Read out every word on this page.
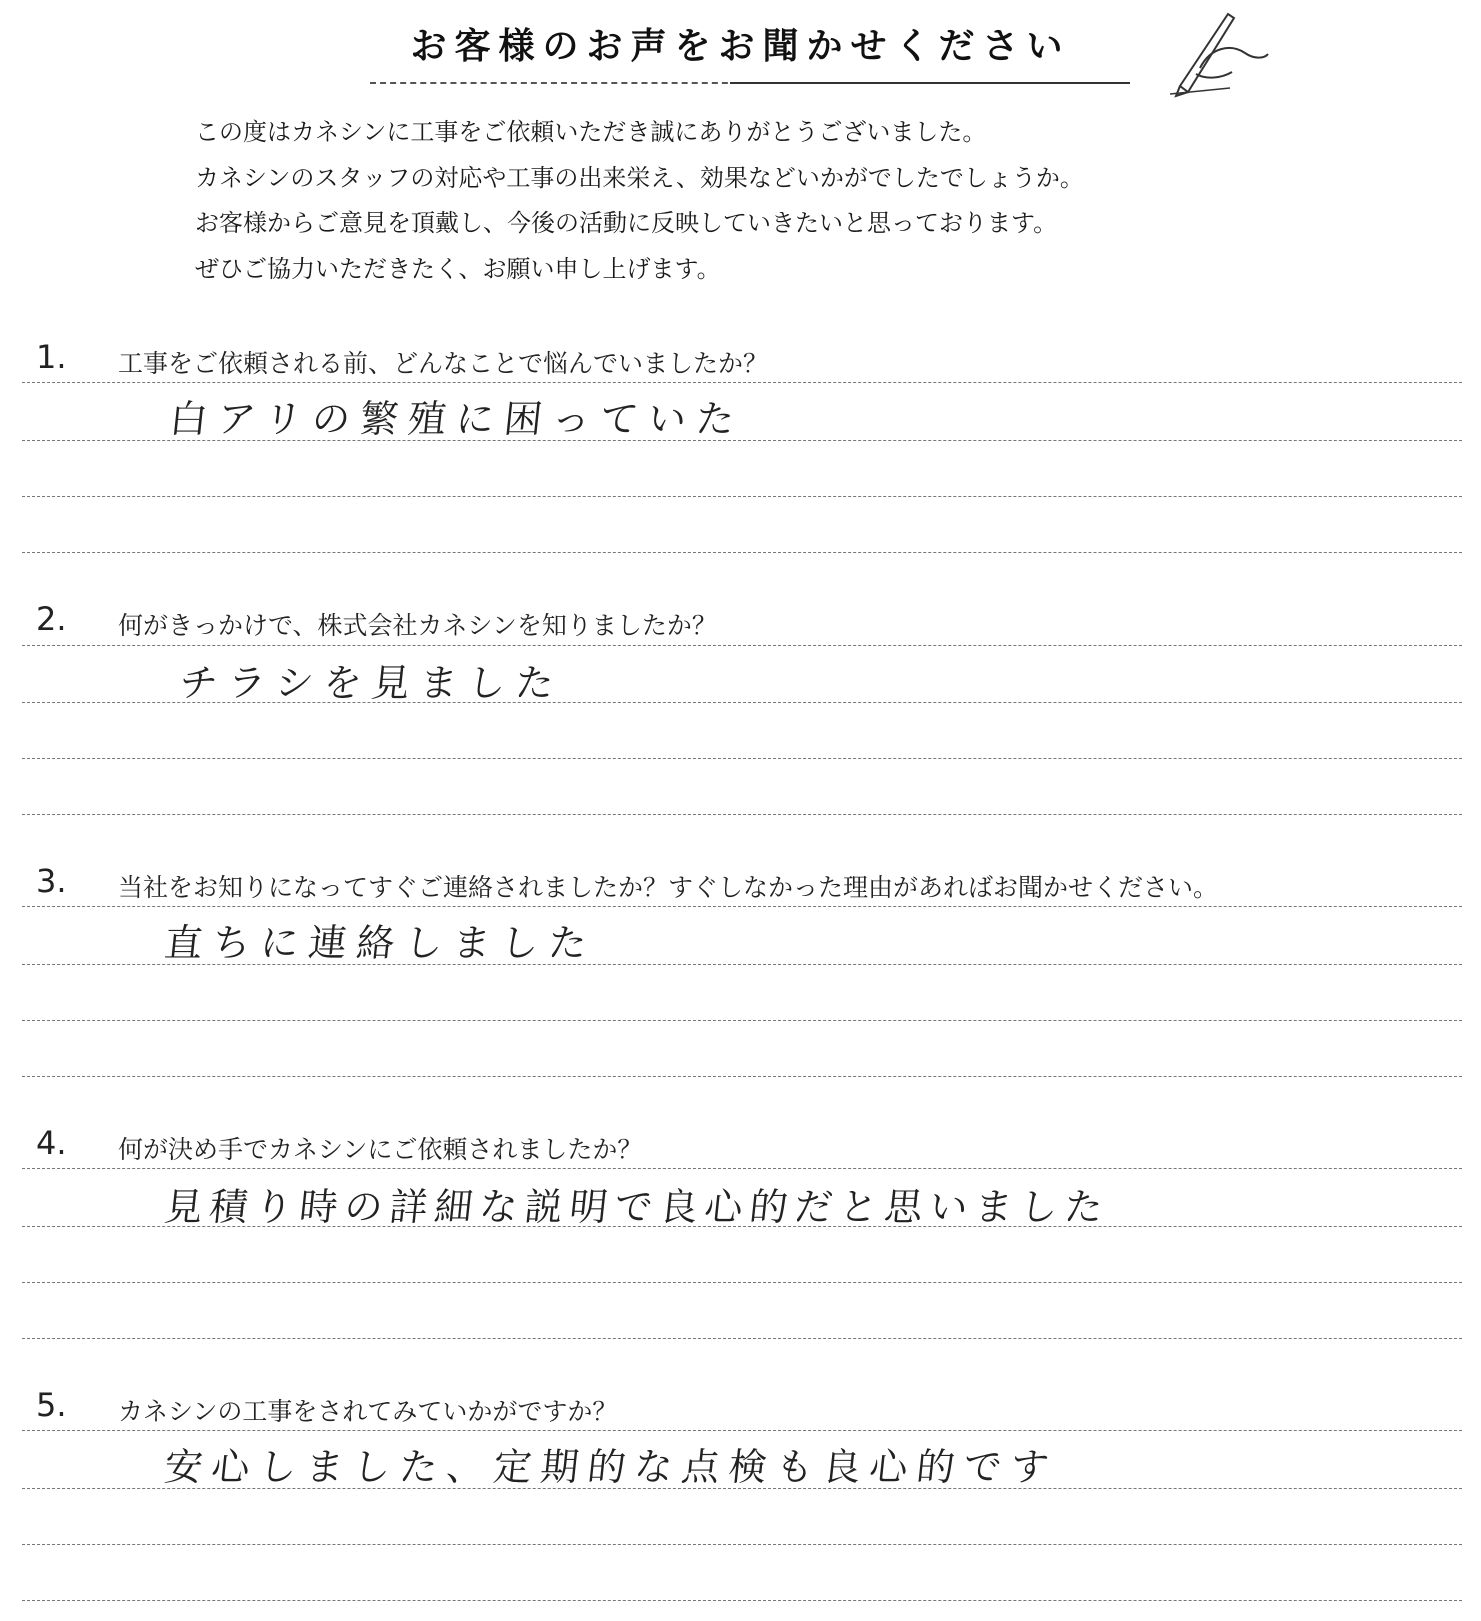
お客様のお声をお聞かせください
この度はカネシンに工事をご依頼いただき誠にありがとうございました。
カネシンのスタッフの対応や工事の出来栄え、効果などいかがでしたでしょうか。
お客様からご意見を頂戴し、今後の活動に反映していきたいと思っております。
ぜひご協力いただきたく、お願い申し上げます。
1. 工事をご依頼される前、どんなことで悩んでいましたか？
白アリの繁殖に困っていた
2. 何がきっかけで、株式会社カネシンを知りましたか？
チラシを見ました
3. 当社をお知りになってすぐご連絡されましたか？すぐしなかった理由があればお聞かせください。
直ちに連絡しました
4. 何が決め手でカネシンにご依頼されましたか？
見積り時の詳細な説明で良心的だと思いました
5. カネシンの工事をされてみていかがですか？
安心しました、定期的な点検も良心的です
